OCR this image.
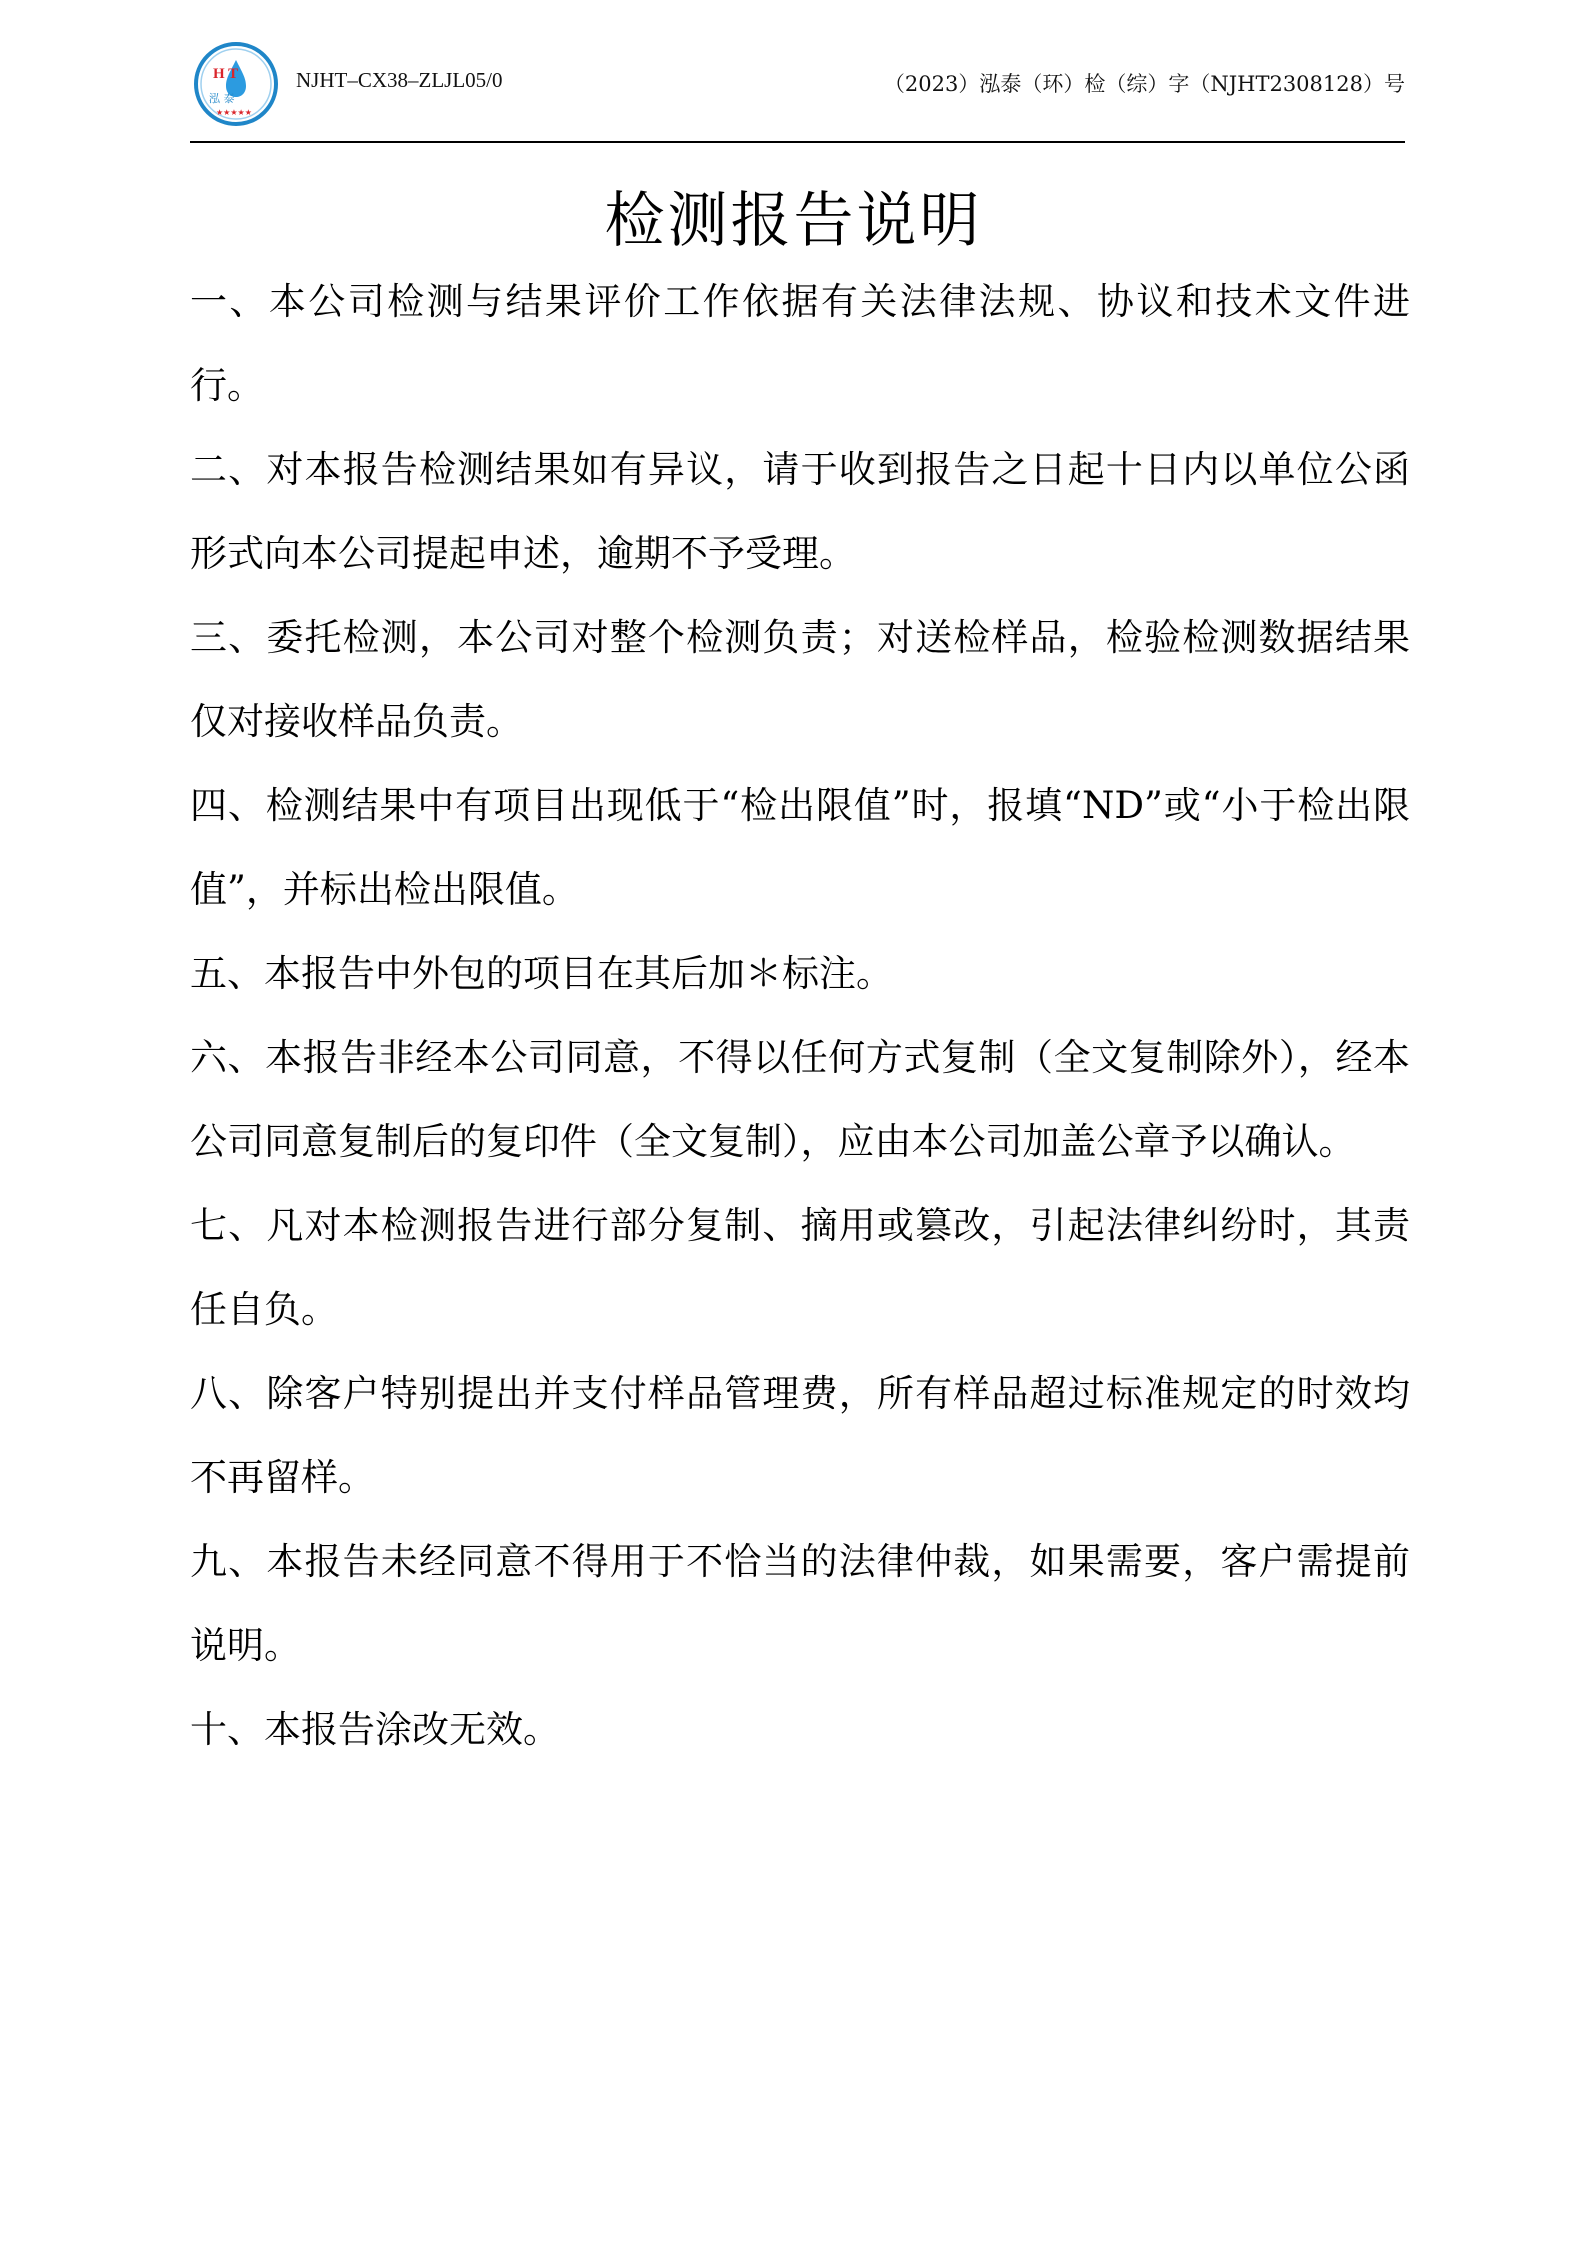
H T
泓 泰
★★★★★
NJHT–CX38–ZLJL05/0	（2023）泓泰（环）检（综）字（NJHT2308128）号
检测报告说明

一、本公司检测与结果评价工作依据有关法律法规、协议和技术文件进行。

二、对本报告检测结果如有异议，请于收到报告之日起十日内以单位公函形式向本公司提起申述，逾期不予受理。

三、委托检测，本公司对整个检测负责；对送检样品，检验检测数据结果仅对接收样品负责。

四、检测结果中有项目出现低于“检出限值”时，报填“ND”或“小于检出限值”，并标出检出限值。

五、本报告中外包的项目在其后加＊标注。

六、本报告非经本公司同意，不得以任何方式复制（全文复制除外），经本公司同意复制后的复印件（全文复制），应由本公司加盖公章予以确认。

七、凡对本检测报告进行部分复制、摘用或篡改，引起法律纠纷时，其责任自负。

八、除客户特别提出并支付样品管理费，所有样品超过标准规定的时效均不再留样。

九、本报告未经同意不得用于不恰当的法律仲裁，如果需要，客户需提前说明。

十、本报告涂改无效。
